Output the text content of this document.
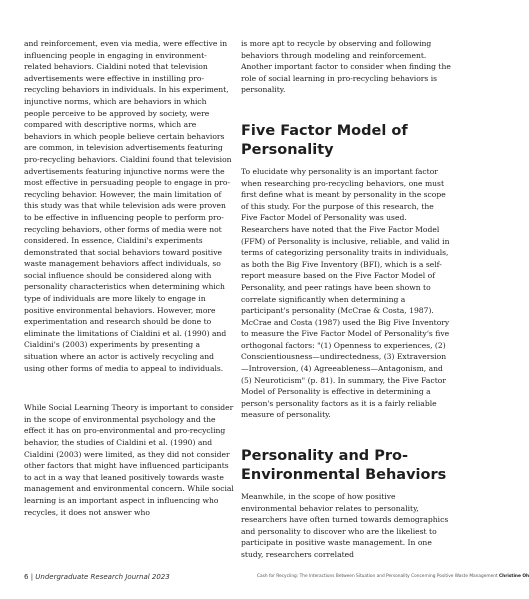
and reinforcement, even via media, were effective in influencing people in engaging in environment-related behaviors. Cialdini noted that television advertisements were effective in instilling pro-recycling behaviors in individuals. In his experiment, injunctive norms, which are behaviors in which people perceive to be approved by society, were compared with descriptive norms, which are behaviors in which people believe certain behaviors are common, in television advertisements featuring pro-recycling behaviors. Cialdini found that television advertisements featuring injunctive norms were the most effective in persuading people to engage in pro-recycling behavior. However, the main limitation of this study was that while television ads were proven to be effective in influencing people to perform pro-recycling behaviors, other forms of media were not considered. In essence, Cialdini's experiments demonstrated that social behaviors toward positive waste management behaviors affect individuals, so social influence should be considered along with personality characteristics when determining which type of individuals are more likely to engage in positive environmental behaviors. However, more experimentation and research should be done to eliminate the limitations of Cialdini et al. (1990) and Cialdini's (2003) experiments by presenting a situation where an actor is actively recycling and using other forms of media to appeal to individuals.

While Social Learning Theory is important to consider in the scope of environmental psychology and the effect it has on pro-environmental and pro-recycling behavior, the studies of Cialdini et al. (1990) and Cialdini (2003) were limited, as they did not consider other factors that might have influenced participants to act in a way that leaned positively towards waste management and environmental concern. While social learning is an important aspect in influencing who recycles, it does not answer who

is more apt to recycle by observing and following behaviors through modeling and reinforcement. Another important factor to consider when finding the role of social learning in pro-recycling behaviors is personality.

Five Factor Model of Personality

To elucidate why personality is an important factor when researching pro-recycling behaviors, one must first define what is meant by personality in the scope of this study. For the purpose of this research, the Five Factor Model of Personality was used. Researchers have noted that the Five Factor Model (FFM) of Personality is inclusive, reliable, and valid in terms of categorizing personality traits in individuals, as both the Big Five Inventory (BFI), which is a self-report measure based on the Five Factor Model of Personality, and peer ratings have been shown to correlate significantly when determining a participant's personality (McCrae & Costa, 1987). McCrae and Costa (1987) used the Big Five Inventory to measure the Five Factor Model of Personality's five orthogonal factors: "(1) Openness to experiences, (2) Conscientiousness—undirectedness, (3) Extraversion—Introversion, (4) Agreeableness—Antagonism, and (5) Neuroticism" (p. 81). In summary, the Five Factor Model of Personality is effective in determining a person's personality factors as it is a fairly reliable measure of personality.

Personality and Pro-Environmental Behaviors

Meanwhile, in the scope of how positive environmental behavior relates to personality, researchers have often turned towards demographics and personality to discover who are the likeliest to participate in positive waste management. In one study, researchers correlated

6 | Undergraduate Research Journal 2023	Cash for Recycling: The Interactions Between Situation and Personality Concerning Positive Waste Management Christine Oh
